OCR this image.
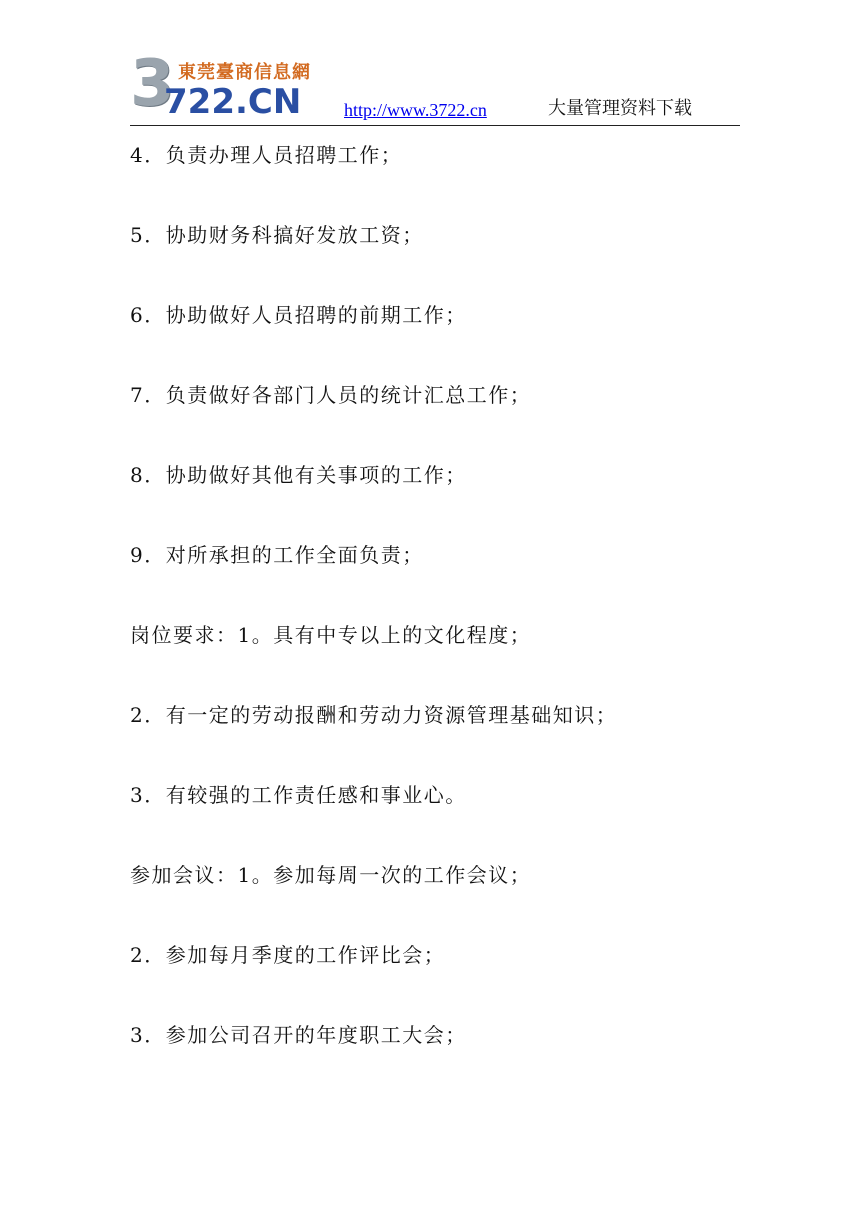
3 東莞臺商信息網
722.CN http://www.3722.cn	大量管理资料下载

4．负责办理人员招聘工作；

5．协助财务科搞好发放工资；

6．协助做好人员招聘的前期工作；

7．负责做好各部门人员的统计汇总工作；

8．协助做好其他有关事项的工作；

9．对所承担的工作全面负责；

岗位要求：1。具有中专以上的文化程度；

2．有一定的劳动报酬和劳动力资源管理基础知识；

3．有较强的工作责任感和事业心。

参加会议：1。参加每周一次的工作会议；

2．参加每月季度的工作评比会；

3．参加公司召开的年度职工大会；
